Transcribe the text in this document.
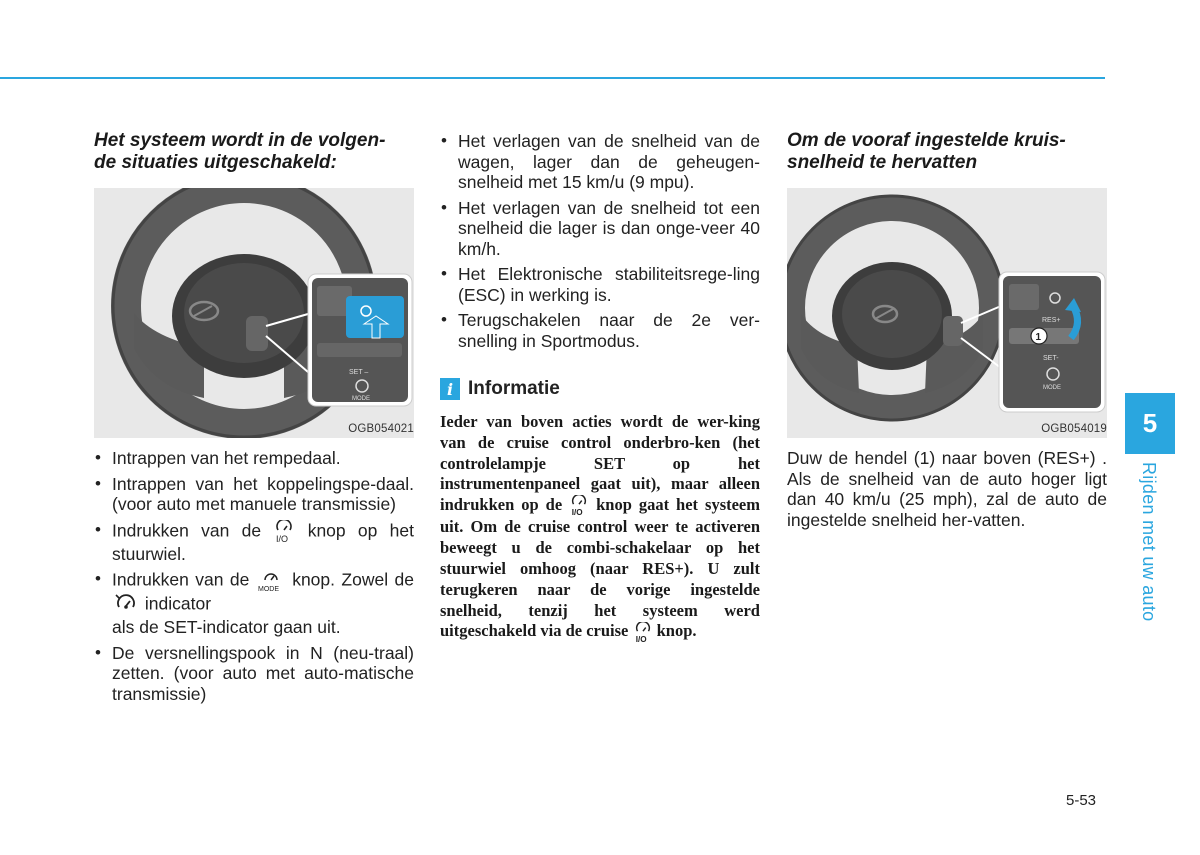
Het systeem wordt in de volgen-
de situaties uitgeschakeld:

SET –
MODE
OGB054021
• Intrappen van het rempedaal.
• Intrappen van het koppelingspe-daal. (voor auto met manuele transmissie)
• Indrukken van de I/O knop op het stuurwiel.
• Indrukken van de MODE knop. Zowel de  indicator
als de SET-indicator gaan uit.
• De versnellingspook in N (neu-traal) zetten. (voor auto met auto-matische transmissie)
• Het verlagen van de snelheid van de wagen, lager dan de geheugen-snelheid met 15 km/u (9 mpu).
• Het verlagen van de snelheid tot een snelheid die lager is dan onge-veer 40 km/h.
• Het Elektronische stabiliteitsrege-ling (ESC) in werking is.
• Terugschakelen naar de 2e ver-snelling in Sportmodus.
i Informatie

Ieder van boven acties wordt de wer-king van de cruise control onderbro-ken (het controlelampje SET op het instrumentenpaneel gaat uit), maar alleen indrukken op de I/O knop gaat het systeem uit. Om de cruise control weer te activeren beweegt u de combi-schakelaar op het stuurwiel omhoog (naar RES+). U zult terugkeren naar de vorige ingestelde snelheid, tenzij het systeem werd uitgeschakeld via de cruise I/O knop.

Om de vooraf ingestelde kruis-
snelheid te hervatten

RES+
1
SET-
MODE
OGB054019

Duw de hendel (1) naar boven (RES+) . Als de snelheid van de auto hoger ligt dan 40 km/u (25 mph), zal de auto de ingestelde snelheid her-vatten.

5
Rijden met uw auto
5-53
